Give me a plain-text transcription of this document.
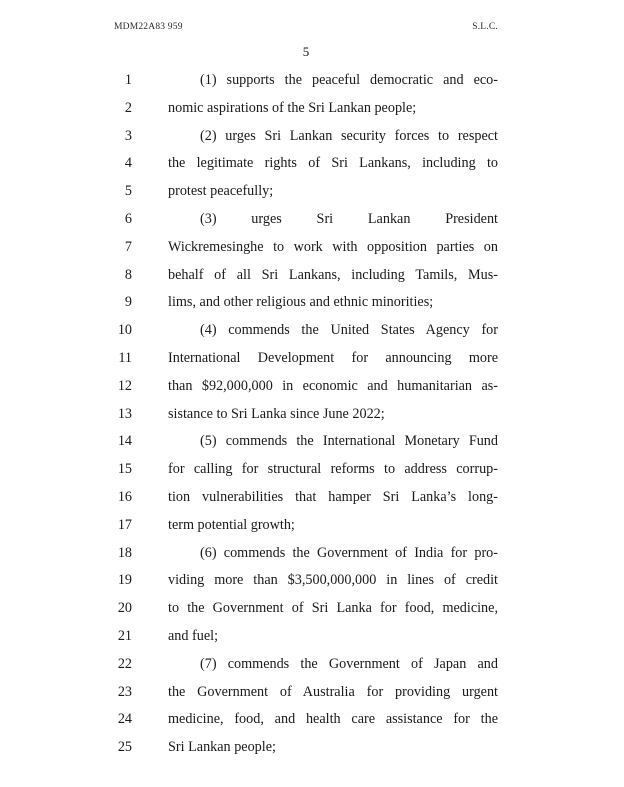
MDM22A83 959	S.L.C.
5
1	(1) supports the peaceful democratic and eco-
2	nomic aspirations of the Sri Lankan people;
3	(2) urges Sri Lankan security forces to respect
4	the legitimate rights of Sri Lankans, including to
5	protest peacefully;
6	(3) urges Sri Lankan President
7	Wickremesinghe to work with opposition parties on
8	behalf of all Sri Lankans, including Tamils, Mus-
9	lims, and other religious and ethnic minorities;
10	(4) commends the United States Agency for
11	International Development for announcing more
12	than $92,000,000 in economic and humanitarian as-
13	sistance to Sri Lanka since June 2022;
14	(5) commends the International Monetary Fund
15	for calling for structural reforms to address corrup-
16	tion vulnerabilities that hamper Sri Lanka’s long-
17	term potential growth;
18	(6) commends the Government of India for pro-
19	viding more than $3,500,000,000 in lines of credit
20	to the Government of Sri Lanka for food, medicine,
21	and fuel;
22	(7) commends the Government of Japan and
23	the Government of Australia for providing urgent
24	medicine, food, and health care assistance for the
25	Sri Lankan people;
